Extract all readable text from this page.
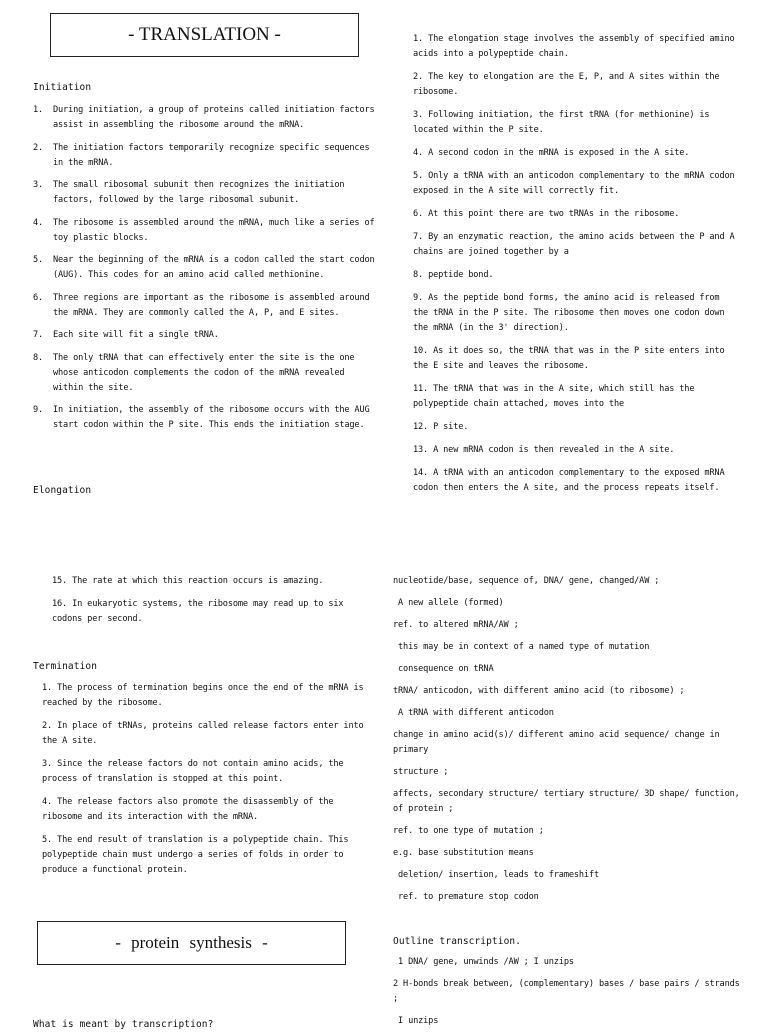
- TRANSLATION -
Initiation
1. During initiation, a group of proteins called initiation factors assist in assembling the ribosome around the mRNA.
2. The initiation factors temporarily recognize specific sequences in the mRNA.
3. The small ribosomal subunit then recognizes the initiation factors, followed by the large ribosomal subunit.
4. The ribosome is assembled around the mRNA, much like a series of toy plastic blocks.
5. Near the beginning of the mRNA is a codon called the start codon (AUG). This codes for an amino acid called methionine.
6. Three regions are important as the ribosome is assembled around the mRNA. They are commonly called the A, P, and E sites.
7. Each site will fit a single tRNA.
8. The only tRNA that can effectively enter the site is the one whose anticodon complements the codon of the mRNA revealed within the site.
9. In initiation, the assembly of the ribosome occurs with the AUG start codon within the P site. This ends the initiation stage.
Elongation

1. The elongation stage involves the assembly of specified amino acids into a polypeptide chain.

2. The key to elongation are the E, P, and A sites within the ribosome.

3. Following initiation, the first tRNA (for methionine) is located within the P site.

4. A second codon in the mRNA is exposed in the A site.

5. Only a tRNA with an anticodon complementary to the mRNA codon exposed in the A site will correctly fit.

6. At this point there are two tRNAs in the ribosome.

7. By an enzymatic reaction, the amino acids between the P and A chains are joined together by a

8. peptide bond.

9. As the peptide bond forms, the amino acid is released from the tRNA in the P site. The ribosome then moves one codon down the mRNA (in the 3' direction).

10. As it does so, the tRNA that was in the P site enters into the E site and leaves the ribosome.

11. The tRNA that was in the A site, which still has the polypeptide chain attached, moves into the

12. P site.

13. A new mRNA codon is then revealed in the A site.

14. A tRNA with an anticodon complementary to the exposed mRNA codon then enters the A site, and the process repeats itself.

15. The rate at which this reaction occurs is amazing.

16. In eukaryotic systems, the ribosome may read up to six codons per second.

Termination

1. The process of termination begins once the end of the mRNA is reached by the ribosome.

2. In place of tRNAs, proteins called release factors enter into the A site.

3. Since the release factors do not contain amino acids, the process of translation is stopped at this point.

4. The release factors also promote the disassembly of the ribosome and its interaction with the mRNA.

5. The end result of translation is a polypeptide chain. This polypeptide chain must undergo a series of folds in order to produce a functional protein.

- protein synthesis -

nucleotide/base, sequence of, DNA/ gene, changed/AW ;

A new allele (formed)

ref. to altered mRNA/AW ;

this may be in context of a named type of mutation

consequence on tRNA

tRNA/ anticodon, with different amino acid (to ribosome) ;

A tRNA with different anticodon

change in amino acid(s)/ different amino acid sequence/ change in primary

structure ;

affects, secondary structure/ tertiary structure/ 3D shape/ function, of protein ;

ref. to one type of mutation ;

e.g. base substitution means

deletion/ insertion, leads to frameshift

ref. to premature stop codon

Outline transcription.

1 DNA/ gene, unwinds /AW ; I unzips

2 H-bonds break between, (complementary) bases / base pairs / strands ;

I unzips

What is meant by transcription?
